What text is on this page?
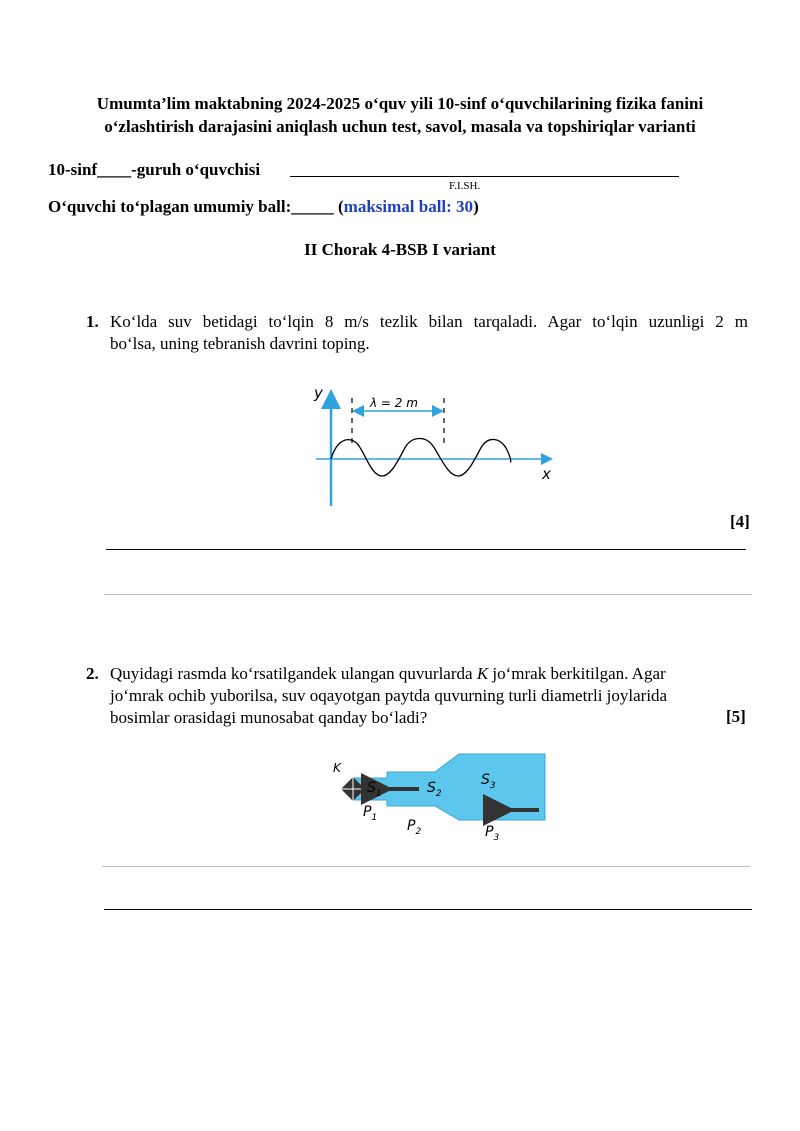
Umumta’lim maktabning 2024-2025 o‘quv yili 10-sinf o‘quvchilarining fizika fanini
o‘zlashtirish darajasini aniqlash uchun test, savol, masala va topshiriqlar varianti
10-sinf____-guruh o‘quvchisi
F.I.SH.
O‘quvchi to‘plagan umumiy ball:_____ (maksimal ball: 30)
II Chorak 4-BSB I variant
1. Ko‘lda suv betidagi to‘lqin 8 m/s tezlik bilan tarqaladi. Agar to‘lqin uzunligi 2 m
bo‘lsa, uning tebranish davrini toping.
y
x
λ = 2 m
[4]
2. Quyidagi rasmda ko‘rsatilgandek ulangan quvurlarda K jo‘mrak berkitilgan. Agar
jo‘mrak ochib yuborilsa, suv oqayotgan paytda quvurning turli diametrli joylarida
bosimlar orasidagi munosabat qanday bo‘ladi?	[5]
K
$S_1$	$S_2$
$S_3$
$P_1$ $P_2$	$P_3$
